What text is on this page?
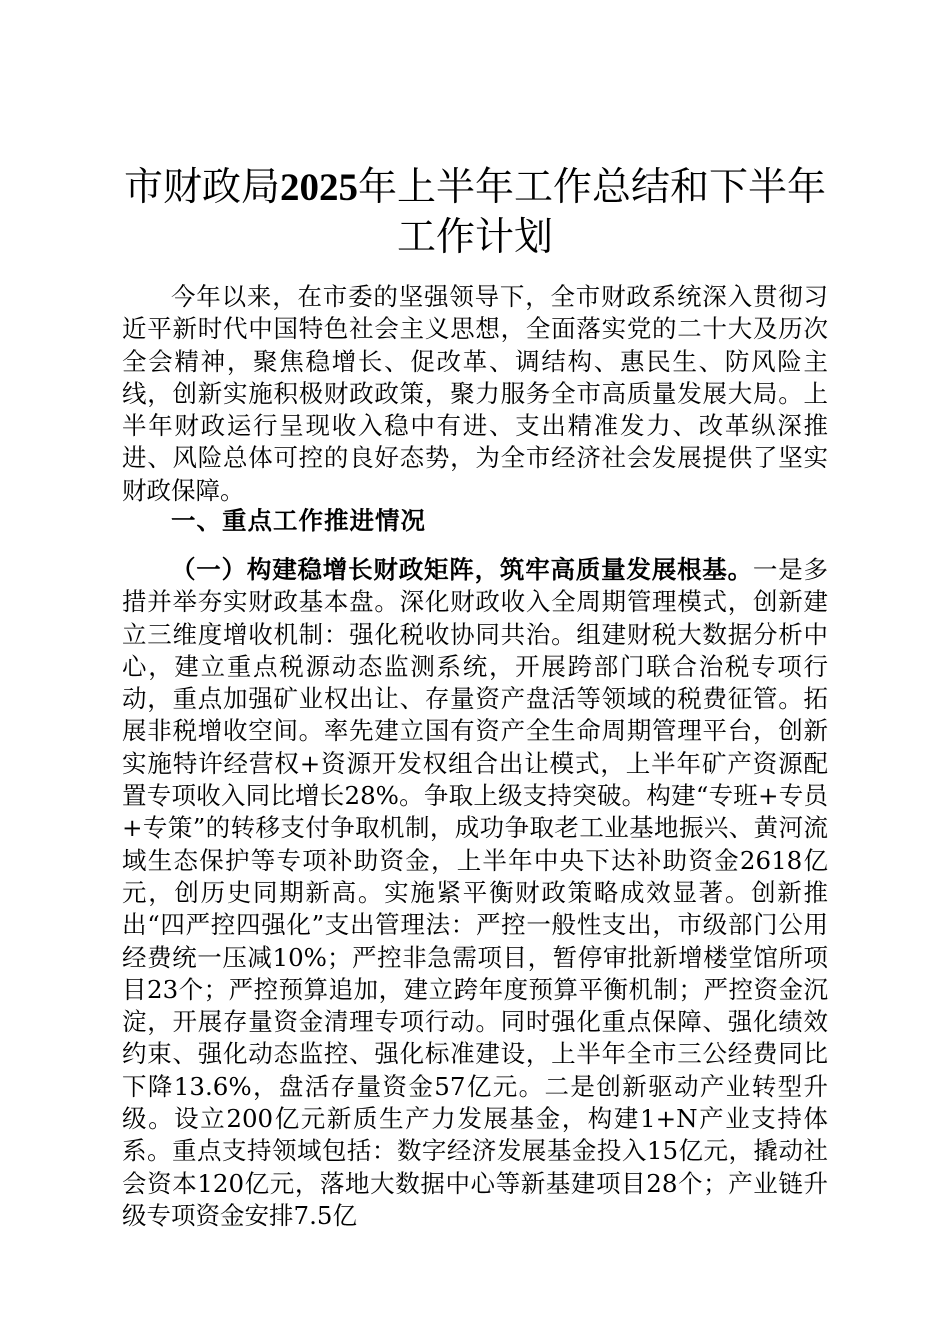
市财政局2025年上半年工作总结和下半年工作计划

今年以来，在市委的坚强领导下，全市财政系统深入贯彻习近平新时代中国特色社会主义思想，全面落实党的二十大及历次全会精神，聚焦稳增长、促改革、调结构、惠民生、防风险主线，创新实施积极财政政策，聚力服务全市高质量发展大局。上半年财政运行呈现收入稳中有进、支出精准发力、改革纵深推进、风险总体可控的良好态势，为全市经济社会发展提供了坚实财政保障。

一、重点工作推进情况

（一）构建稳增长财政矩阵，筑牢高质量发展根基。一是多措并举夯实财政基本盘。深化财政收入全周期管理模式，创新建立三维度增收机制：强化税收协同共治。组建财税大数据分析中心，建立重点税源动态监测系统，开展跨部门联合治税专项行动，重点加强矿业权出让、存量资产盘活等领域的税费征管。拓展非税增收空间。率先建立国有资产全生命周期管理平台，创新实施特许经营权+资源开发权组合出让模式，上半年矿产资源配置专项收入同比增长28%。争取上级支持突破。构建“专班+专员+专策”的转移支付争取机制，成功争取老工业基地振兴、黄河流域生态保护等专项补助资金，上半年中央下达补助资金2618亿元，创历史同期新高。实施紧平衡财政策略成效显著。创新推出“四严控四强化”支出管理法：严控一般性支出，市级部门公用经费统一压减10%；严控非急需项目，暂停审批新增楼堂馆所项目23个；严控预算追加，建立跨年度预算平衡机制；严控资金沉淀，开展存量资金清理专项行动。同时强化重点保障、强化绩效约束、强化动态监控、强化标准建设，上半年全市三公经费同比下降13.6%，盘活存量资金57亿元。二是创新驱动产业转型升级。设立200亿元新质生产力发展基金，构建1+N产业支持体系。重点支持领域包括：数字经济发展基金投入15亿元，撬动社会资本120亿元，落地大数据中心等新基建项目28个；产业链升级专项资金安排7.5亿
